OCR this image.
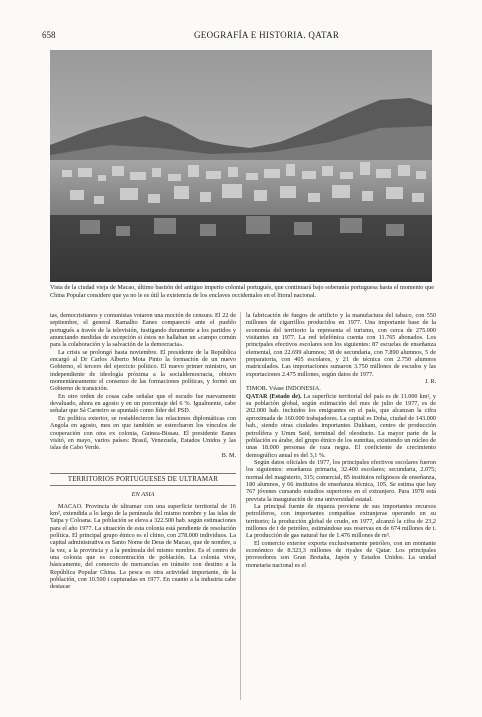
658	GEOGRAFÍA E HISTORIA. QATAR
Vista de la ciudad vieja de Macao, último bastión del antiguo imperio colonial portugués, que continuará bajo soberanía portuguesa hasta el momento que China Popular considere que ya no le es útil la existencia de los enclaves occidentales en el litoral nacional.

tas, democristianos y comunistas votaron una moción de censura. El 22 de septiembre, el general Ramalho Eanes compareció ante el pueblo portugués a través de la televisión, fustigando duramente a los partidos y anunciando medidas de excepción si éstos no hallaban un «campo común para la colaboración y la salvación de la democracia».

La crisis se prolongó hasta noviembre. El presidente de la República encargó al Dr Carlos Alberto Mota Pinto la formación de un nuevo Gobierno, el tercero del ejercicio político. El nuevo primer ministro, un independiente de ideología próxima a la socialdemocracia, obtuvo momentáneamente el consenso de las formaciones políticas, y formó un Gobierno de transición.

En otro orden de cosas cabe señalar que el escudo fue nuevamente devaluado, ahora en agosto y en un porcentaje del 6 %. Igualmente, cabe señalar que Sá Carneiro se apuntaló como líder del PSD.

En política exterior, se restablecieron las relaciones diplomáticas con Angola en agosto, mes en que también se estrecharon los vínculos de cooperación con otra ex colonia, Guinea-Bissau. El presidente Eanes visitó, en mayo, varios países: Brasil, Venezuela, Estados Unidos y las islas de Cabo Verde.

B. M.

TERRITORIOS PORTUGUESES DE ULTRAMAR
EN ASIA

MACAO. Provincia de ultramar con una superficie territorial de 16 km², extendida a lo largo de la península del mismo nombre y las islas de Taipa y Coloana. La población se eleva a 322.500 hab. según estimaciones para el año 1977. La situación de esta colonia está pendiente de resolución política. El principal grupo étnico es el chino, con 278.000 individuos. La capital administrativa es Santo Nome de Deus de Macao, que de nombre, a la vez, a la provincia y a la península del mismo nombre. Es el centro de una colonia que es concentración de población. La colonia vive, básicamente, del comercio de mercancías en tránsito con destino a la República Popular China. La pesca es otra actividad importante, de la población, con 10.500 t capturadas en 1977. En cuanto a la industria cabe destacar

la fabricación de fuegos de artificio y la manufactura del tabaco, con 550 millones de cigarrillos producidos en 1977. Una importante base de la economía del territorio la representa el turismo, con cerca de 275.000 visitantes en 1977. La red telefónica cuenta con 11.765 abonados. Los principales efectivos escolares son los siguientes: 87 escuelas de enseñanza elemental, con 22.699 alumnos; 38 de secundaria, con 7.890 alumnos, 5 de preparatoria, con 405 escolares, y 21 de técnica con 2.750 alumnos matriculados. Las importaciones sumaron 3.750 millones de escudos y las exportaciones 2.475 millones, según datos de 1977.

J. R.

TIMOR. Véase INDONESIA.

QATAR (Estado de). La superficie territorial del país es de 11.000 km², y su población global, según estimación del mes de julio de 1977, es de 202.000 hab. incluidos los emigrantes en el país, que alcanzan la cifra aproximada de 160.000 trabajadores. La capital es Doha, ciudad de 143.000 hab., siendo otras ciudades importantes Dukham, centro de producción petrolífera y Umm Said, terminal del oleoducto. La mayor parte de la población es árabe, del grupo étnico de los sunnitas, existiendo un núcleo de unas 18.000 personas de raza negra. El coeficiente de crecimiento demográfico anual es del 3,1 %.

Según datos oficiales de 1977, los principales efectivos escolares fueron los siguientes: enseñanza primaria, 32.400 escolares; secundaria, 2.075; normal del magisterio, 315; comercial, 85 institutos religiosos de enseñanza, 180 alumnos, y 66 institutos de enseñanza técnica, 105. Se estima que hay 767 jóvenes cursando estudios superiores en el extranjero. Para 1978 está prevista la inauguración de una universidad estatal.

La principal fuente de riqueza proviene de sus importantes recursos petrolíferos, con importantes compañías extranjeras operando en su territorio; la producción global de crudo, en 1977, alcanzó la cifra de 23,2 millones de t de petróleo, estimándose sus reservas en de 674 millones de t. La producción de gas natural fue de 1.476 millones de m³.

El comercio exterior exporta exclusivamente petróleo, con un montante económico de 8.323,3 millones de riyales de Qatar. Los principales proveedores son Gran Bretaña, Japón y Estados Unidos. La unidad monetaria nacional es el
